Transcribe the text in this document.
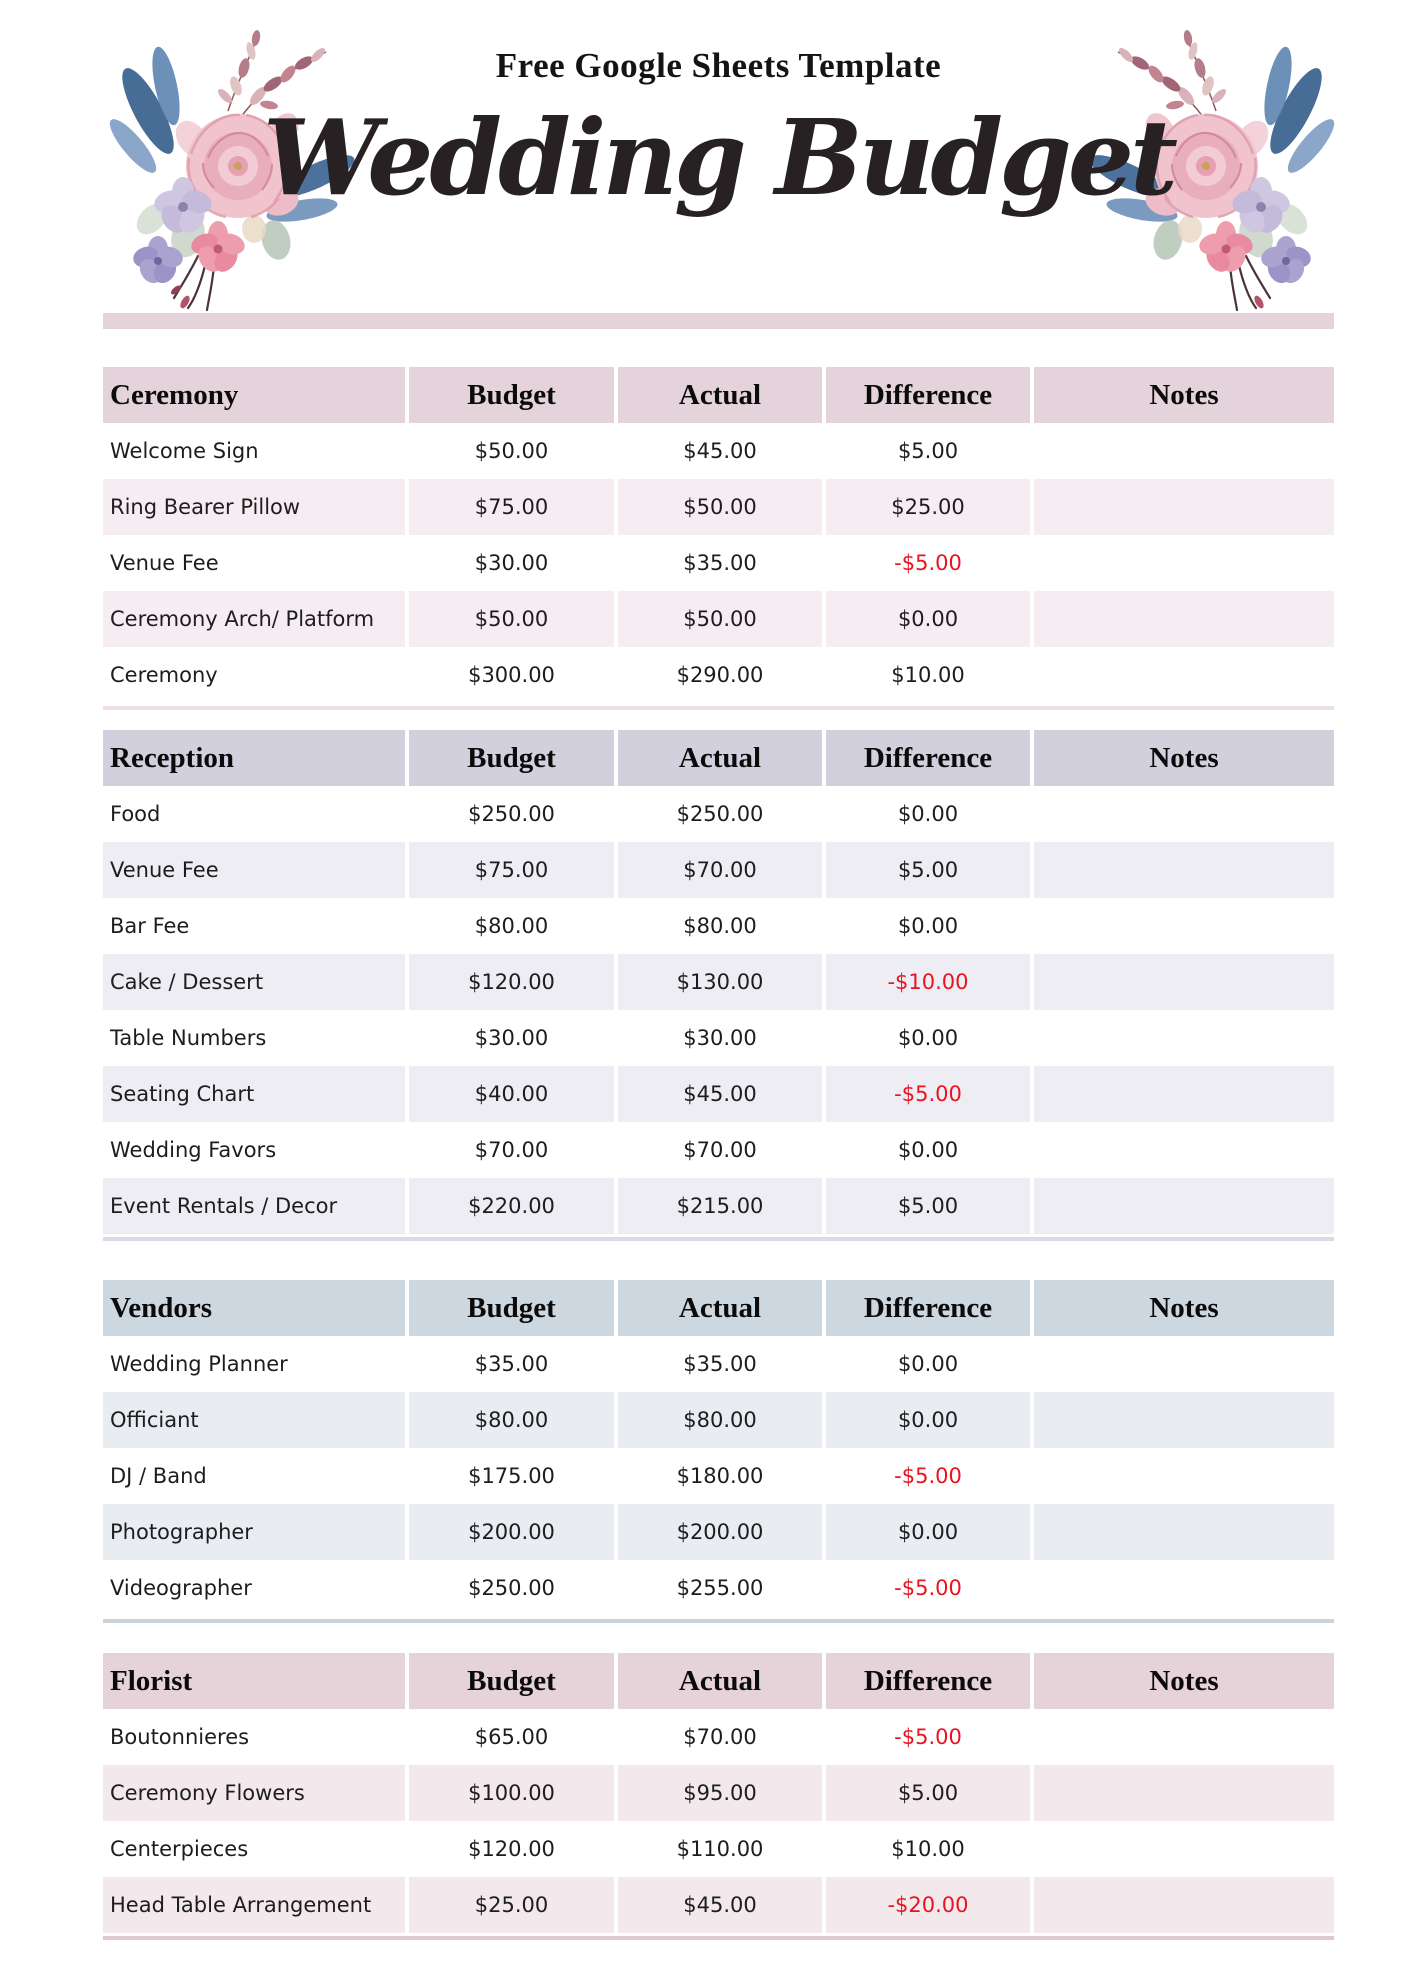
Free Google Sheets Template
Wedding Budget
Ceremony	Budget	Actual	Difference	Notes
Welcome Sign	$50.00	$45.00	$5.00
Ring Bearer Pillow	$75.00	$50.00	$25.00
Venue Fee	$30.00	$35.00	-$5.00
Ceremony Arch/ Platform	$50.00	$50.00	$0.00
Ceremony	$300.00	$290.00	$10.00
Reception	Budget	Actual	Difference	Notes
Food	$250.00	$250.00	$0.00
Venue Fee	$75.00	$70.00	$5.00
Bar Fee	$80.00	$80.00	$0.00
Cake / Dessert	$120.00	$130.00	-$10.00
Table Numbers	$30.00	$30.00	$0.00
Seating Chart	$40.00	$45.00	-$5.00
Wedding Favors	$70.00	$70.00	$0.00
Event Rentals / Decor	$220.00	$215.00	$5.00
Vendors	Budget	Actual	Difference	Notes
Wedding Planner	$35.00	$35.00	$0.00
Officiant	$80.00	$80.00	$0.00
DJ / Band	$175.00	$180.00	-$5.00
Photographer	$200.00	$200.00	$0.00
Videographer	$250.00	$255.00	-$5.00
Florist	Budget	Actual	Difference	Notes
Boutonnieres	$65.00	$70.00	-$5.00
Ceremony Flowers	$100.00	$95.00	$5.00
Centerpieces	$120.00	$110.00	$10.00
Head Table Arrangement	$25.00	$45.00	-$20.00
